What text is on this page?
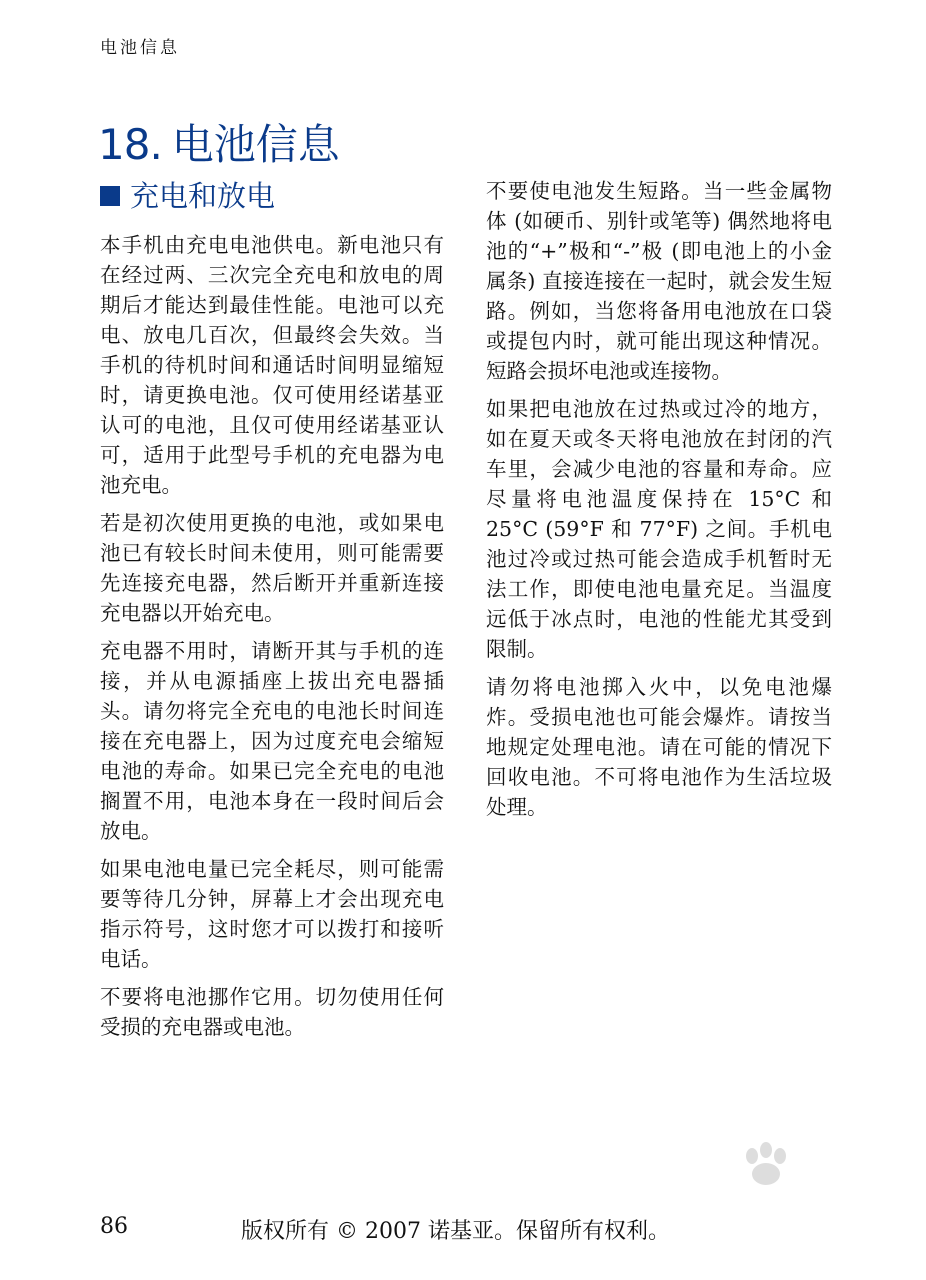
电池信息
18. 电池信息
充电和放电

本手机由充电电池供电。新电池只有在经过两、三次完全充电和放电的周期后才能达到最佳性能。电池可以充电、放电几百次，但最终会失效。当手机的待机时间和通话时间明显缩短时，请更换电池。仅可使用经诺基亚认可的电池，且仅可使用经诺基亚认可，适用于此型号手机的充电器为电池充电。

若是初次使用更换的电池，或如果电池已有较长时间未使用，则可能需要先连接充电器，然后断开并重新连接充电器以开始充电。

充电器不用时，请断开其与手机的连接，并从电源插座上拔出充电器插头。请勿将完全充电的电池长时间连接在充电器上，因为过度充电会缩短电池的寿命。如果已完全充电的电池搁置不用，电池本身在一段时间后会放电。

如果电池电量已完全耗尽，则可能需要等待几分钟，屏幕上才会出现充电指示符号，这时您才可以拨打和接听电话。

不要将电池挪作它用。切勿使用任何受损的充电器或电池。

不要使电池发生短路。当一些金属物体 (如硬币、别针或笔等) 偶然地将电池的“+”极和“-”极 (即电池上的小金属条) 直接连接在一起时，就会发生短路。例如，当您将备用电池放在口袋或提包内时，就可能出现这种情况。短路会损坏电池或连接物。

如果把电池放在过热或过冷的地方，如在夏天或冬天将电池放在封闭的汽车里，会减少电池的容量和寿命。应尽量将电池温度保持在 15°C 和 25°C (59°F 和 77°F) 之间。手机电池过冷或过热可能会造成手机暂时无法工作，即使电池电量充足。当温度远低于冰点时，电池的性能尤其受到限制。

请勿将电池掷入火中，以免电池爆炸。受损电池也可能会爆炸。请按当地规定处理电池。请在可能的情况下回收电池。不可将电池作为生活垃圾处理。

86	版权所有 © 2007 诺基亚。保留所有权利。
